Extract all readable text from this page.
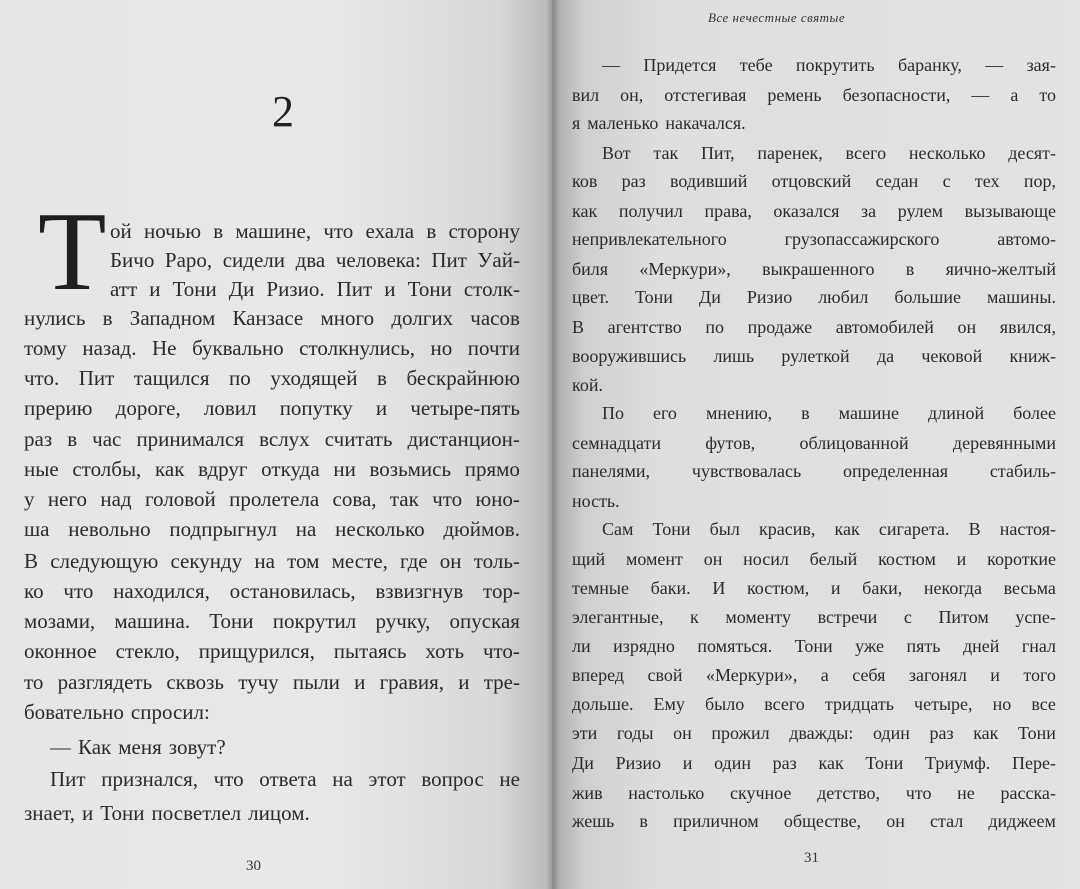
2
Т ой ночью в машине, что ехала в сторону
Бичо Раро, сидели два человека: Пит Уай-
атт и Тони Ди Ризио. Пит и Тони столк-
нулись в Западном Канзасе много долгих часов
тому назад. Не буквально столкнулись, но почти
что. Пит тащился по уходящей в бескрайнюю
прерию дороге, ловил попутку и четыре-пять
раз в час принимался вслух считать дистанцион-
ные столбы, как вдруг откуда ни возьмись прямо
у него над головой пролетела сова, так что юно-
ша невольно подпрыгнул на несколько дюймов.
В следующую секунду на том месте, где он толь-
ко что находился, остановилась, взвизгнув тор-
мозами, машина. Тони покрутил ручку, опуская
оконное стекло, прищурился, пытаясь хоть что-
то разглядеть сквозь тучу пыли и гравия, и тре-
бовательно спросил:
— Как меня зовут?
Пит признался, что ответа на этот вопрос не
знает, и Тони посветлел лицом.
30
Все нечестные святые
— Придется тебе покрутить баранку, — зая-
вил он, отстегивая ремень безопасности, — а то
я маленько накачался.
Вот так Пит, паренек, всего несколько десят-
ков раз водивший отцовский седан с тех пор,
как получил права, оказался за рулем вызывающе
непривлекательного	грузопассажирского	автомо-
биля «Меркури», выкрашенного в яично-желтый
цвет. Тони Ди Ризио любил большие машины.
В агентство по продаже автомобилей он явился,
вооружившись лишь рулеткой да чековой книж-
кой.
По его мнению, в машине длиной более
семнадцати футов, облицованной деревянными
панелями, чувствовалась определенная стабиль-
ность.
Сам Тони был красив, как сигарета. В настоя-
щий момент он носил белый костюм и короткие
темные баки. И костюм, и баки, некогда весьма
элегантные, к моменту встречи с Питом успе-
ли изрядно помяться. Тони уже пять дней гнал
вперед свой «Меркури», а себя загонял и того
дольше. Ему было всего тридцать четыре, но все
эти годы он прожил дважды: один раз как Тони
Ди Ризио и один раз как Тони Триумф. Пере-
жив настолько скучное детство, что не расска-
жешь в приличном обществе, он стал диджеем
31
